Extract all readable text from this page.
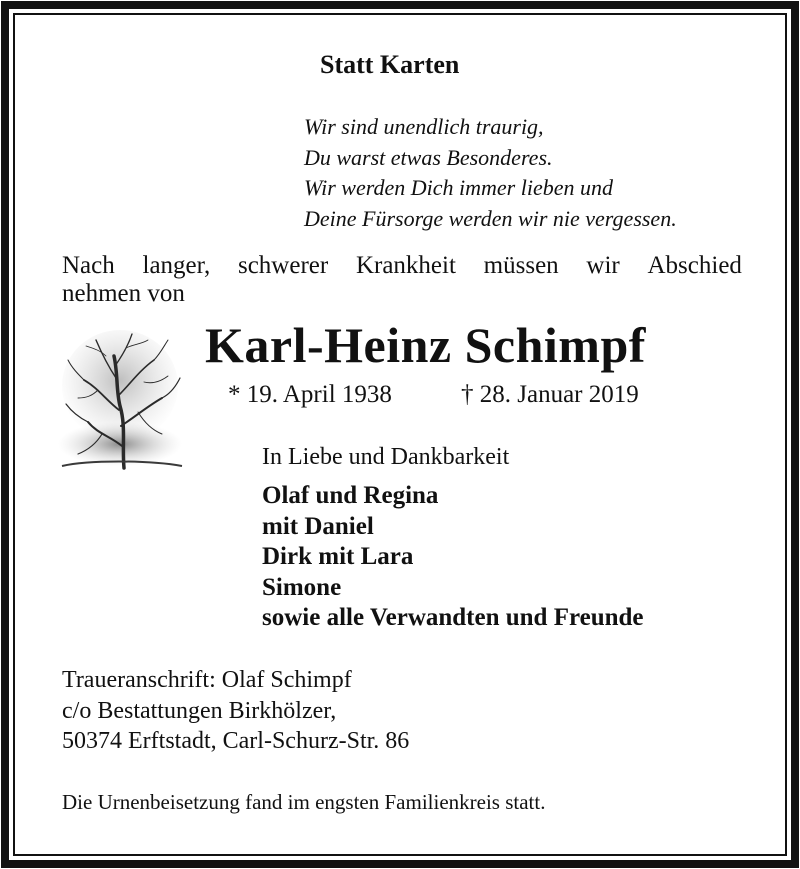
Statt Karten
Wir sind unendlich traurig,
Du warst etwas Besonderes.
Wir werden Dich immer lieben und
Deine Fürsorge werden wir nie vergessen.
Nach langer, schwerer Krankheit müssen wir Abschied
nehmen von
Karl-Heinz Schimpf
* 19. April 1938	† 28. Januar 2019
In Liebe und Dankbarkeit
Olaf und Regina
mit Daniel
Dirk mit Lara
Simone
sowie alle Verwandten und Freunde
Traueranschrift: Olaf Schimpf
c/o Bestattungen Birkhölzer,
50374 Erftstadt, Carl-Schurz-Str. 86
Die Urnenbeisetzung fand im engsten Familienkreis statt.
